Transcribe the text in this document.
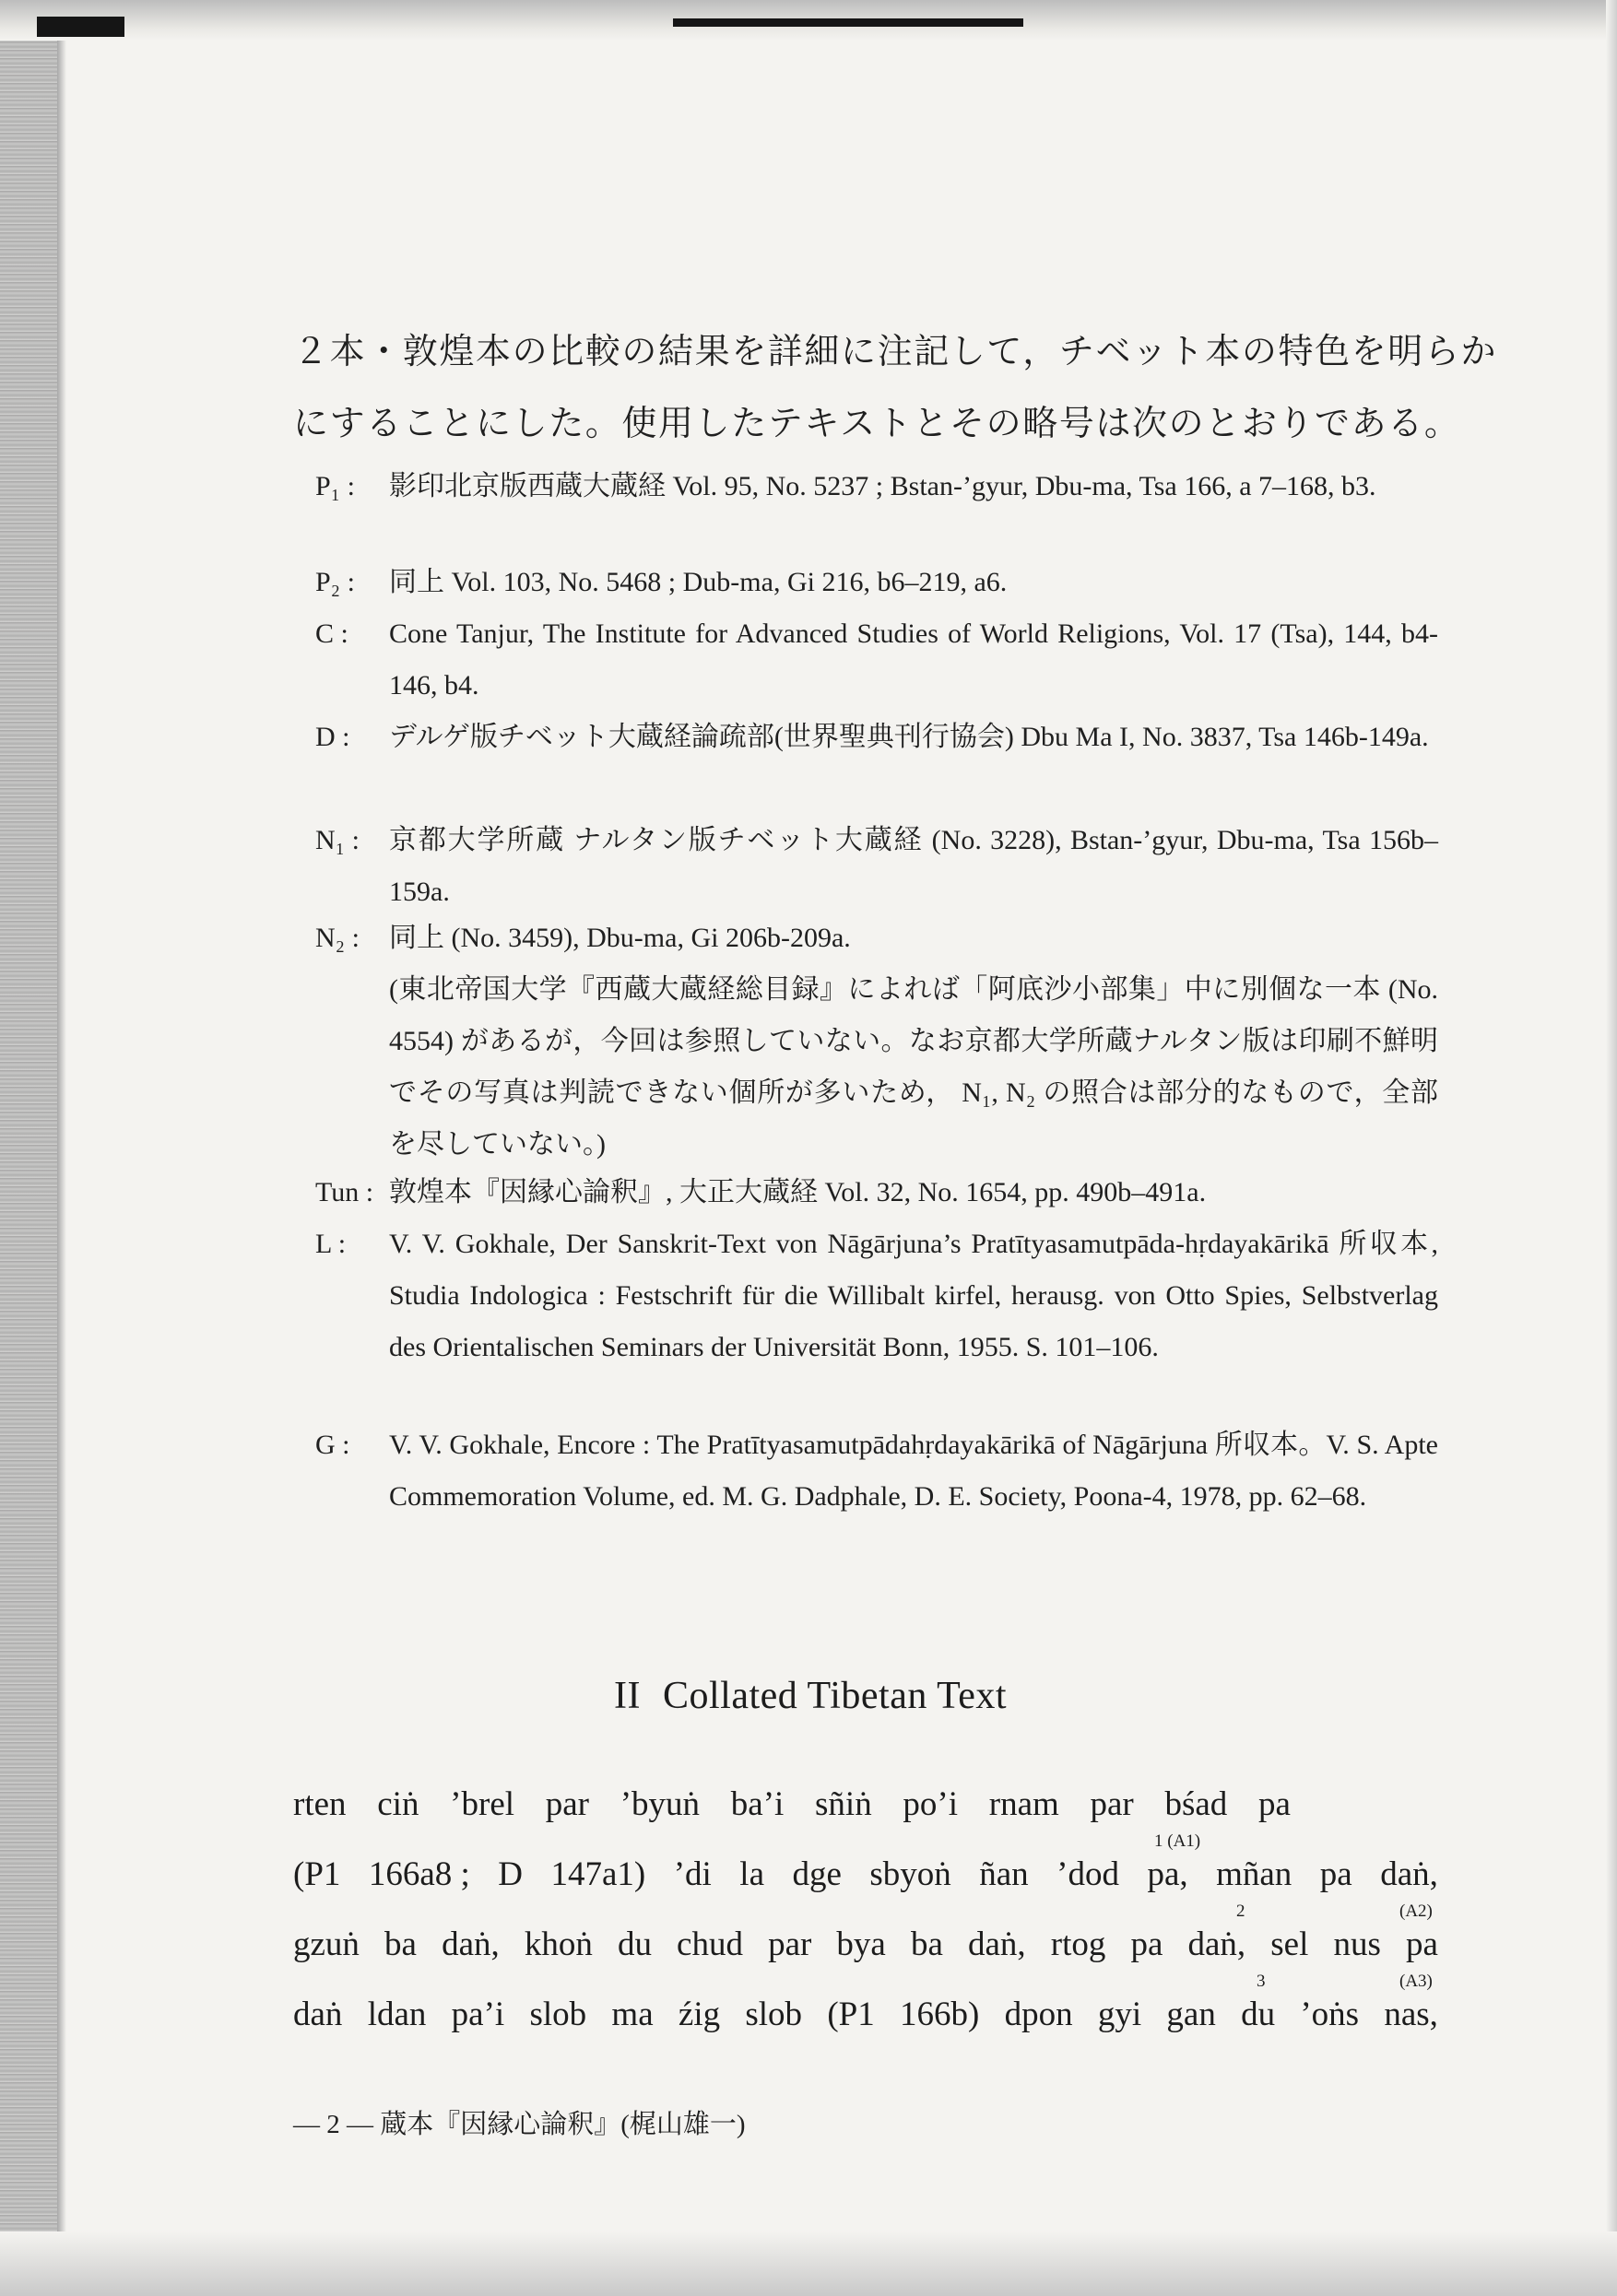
２本・敦煌本の比較の結果を詳細に注記して，チベット本の特色を明らか
にすることにした。使用したテキストとその略号は次のとおりである。
P₁ : 影印北京版西蔵大蔵経 Vol. 95, No. 5237 ; Bstan-’gyur, Dbu-ma, Tsa 166, a 7–168, b3.
P₂ : 同上 Vol. 103, No. 5468 ; Dub-ma, Gi 216, b6–219, a6.
C : Cone Tanjur, The Institute for Advanced Studies of World Religions, Vol. 17 (Tsa), 144, b4-146, b4.
D : デルゲ版チベット大蔵経論疏部(世界聖典刊行協会) Dbu Ma I, No. 3837, Tsa 146b-149a.
N₁ : 京都大学所蔵 ナルタン版チベット大蔵経 (No. 3228), Bstan-’gyur, Dbu-ma, Tsa 156b–159a.
N₂ : 同上 (No. 3459), Dbu-ma, Gi 206b-209a.
(東北帝国大学『西蔵大蔵経総目録』によれば「阿底沙小部集」中に別個な一本 (No. 4554) があるが，今回は参照していない。なお京都大学所蔵ナルタン版は印刷不鮮明でその写真は判読できない個所が多いため， N₁, N₂ の照合は部分的なもので，全部を尽していない。)
Tun : 敦煌本『因縁心論釈』, 大正大蔵経 Vol. 32, No. 1654, pp. 490b–491a.
L : V. V. Gokhale, Der Sanskrit-Text von Nāgārjuna’s Pratītyasamutpāda-hṛdayakārikā 所収本, Studia Indologica : Festschrift für die Willibalt kirfel, herausg. von Otto Spies, Selbstverlag des Orientalischen Seminars der Universität Bonn, 1955. S. 101–106.
G : V. V. Gokhale, Encore : The Pratītyasamutpādahṛdayakārikā of Nāgārjuna 所収本。V. S. Apte Commemoration Volume, ed. M. G. Dadphale, D. E. Society, Poona-4, 1978, pp. 62–68.
II Collated Tibetan Text
rten ciṅ ’brel par ’byuṅ ba’i sñiṅ po’i rnam par bśad pa
1 (A1)
(P1 166a8 ; D 147a1) ’di la dge sbyoṅ ñan ’dod pa, mñan pa daṅ,
2	(A2)
gzuṅ ba daṅ, khoṅ du chud par bya ba daṅ, rtog pa daṅ, sel nus pa
3	(A3)
daṅ ldan pa’i slob ma źig slob (P1 166b) dpon gyi gan du ’oṅs nas,
— 2 — 蔵本『因縁心論釈』(梶山雄一)
